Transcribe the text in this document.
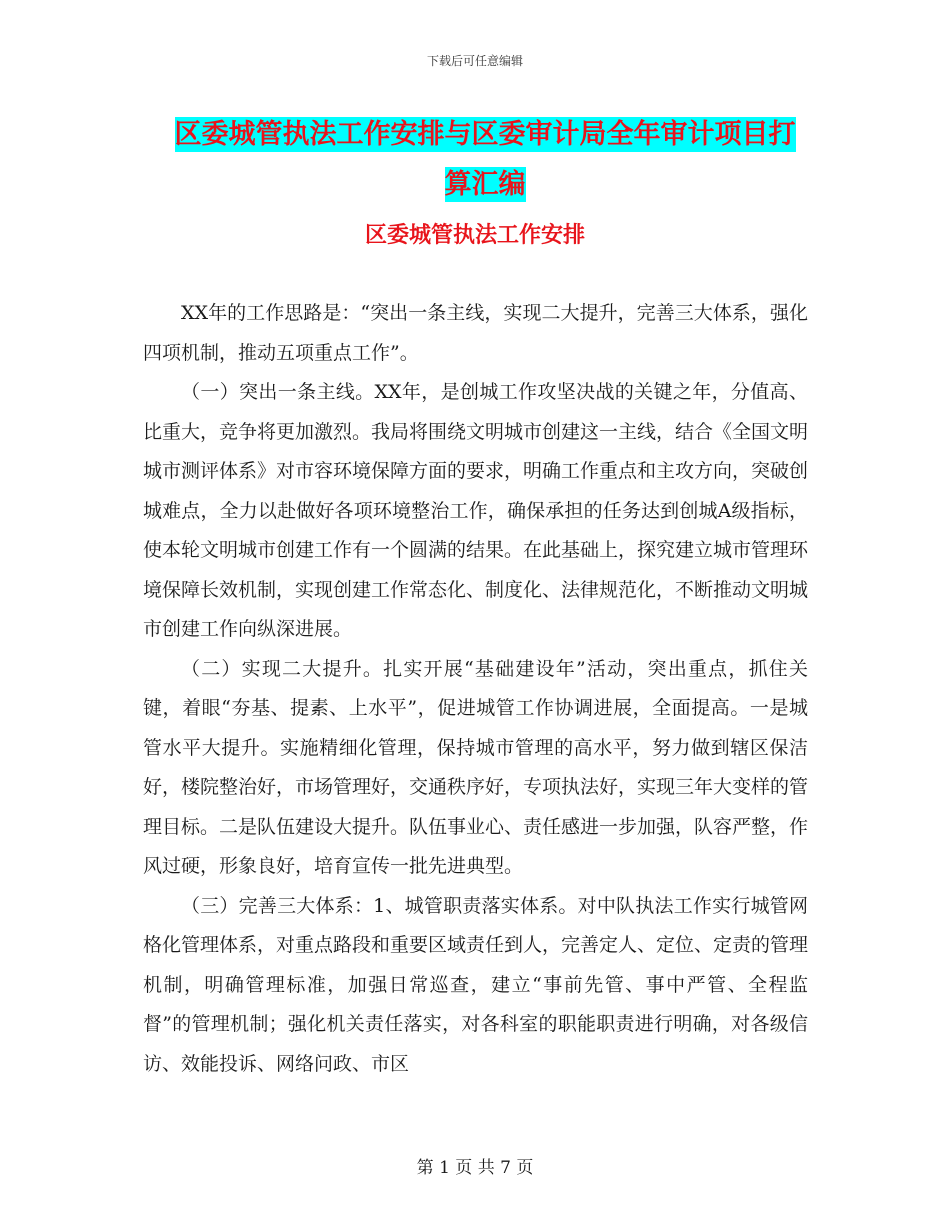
下载后可任意编辑
区委城管执法工作安排与区委审计局全年审计项目打
算汇编
区委城管执法工作安排

XX年的工作思路是：“突出一条主线，实现二大提升，完善三大体系，强化四项机制，推动五项重点工作”。

（一）突出一条主线。XX年，是创城工作攻坚决战的关键之年，分值高、比重大，竞争将更加激烈。我局将围绕文明城市创建这一主线，结合《全国文明城市测评体系》对市容环境保障方面的要求，明确工作重点和主攻方向，突破创城难点，全力以赴做好各项环境整治工作，确保承担的任务达到创城A级指标，使本轮文明城市创建工作有一个圆满的结果。在此基础上，探究建立城市管理环境保障长效机制，实现创建工作常态化、制度化、法律规范化，不断推动文明城市创建工作向纵深进展。

（二）实现二大提升。扎实开展“基础建设年”活动，突出重点，抓住关键，着眼“夯基、提素、上水平”，促进城管工作协调进展，全面提高。一是城管水平大提升。实施精细化管理，保持城市管理的高水平，努力做到辖区保洁好，楼院整治好，市场管理好，交通秩序好，专项执法好，实现三年大变样的管理目标。二是队伍建设大提升。队伍事业心、责任感进一步加强，队容严整，作风过硬，形象良好，培育宣传一批先进典型。

（三）完善三大体系：1、城管职责落实体系。对中队执法工作实行城管网格化管理体系，对重点路段和重要区域责任到人，完善定人、定位、定责的管理机制，明确管理标准，加强日常巡查，建立“事前先管、事中严管、全程监督”的管理机制；强化机关责任落实，对各科室的职能职责进行明确，对各级信访、效能投诉、网络问政、市区

第 1 页 共 7 页
